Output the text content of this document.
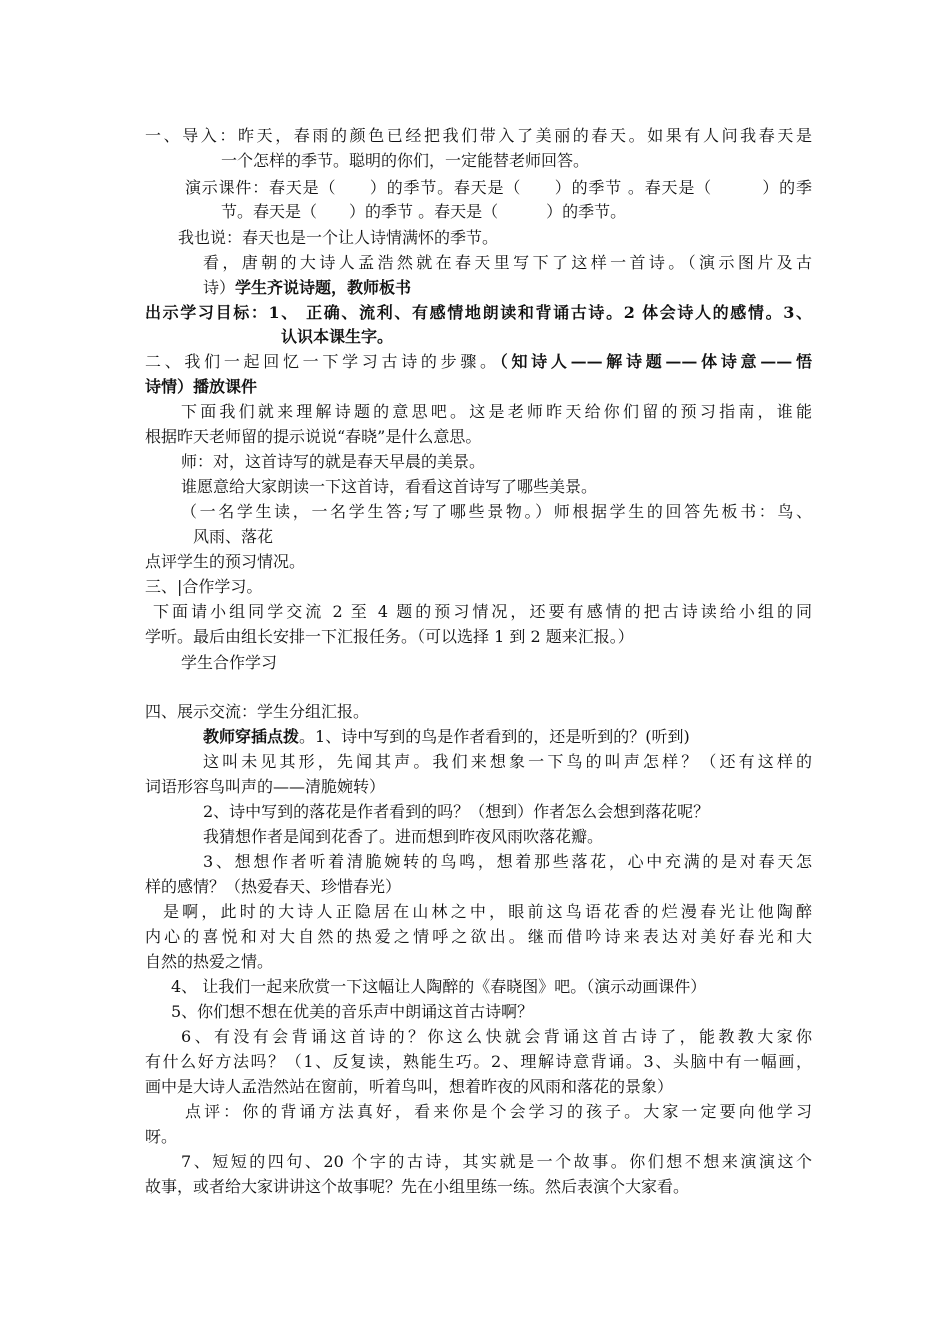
一、导入：昨天，春雨的颜色已经把我们带入了美丽的春天。如果有人问我春天是
一个怎样的季节。聪明的你们，一定能替老师回答。
演示课件：春天是（　　）的季节。春天是（　　）的季节 。春天是（　　　）的季
节。春天是（　　）的季节 。春天是（　　　）的季节。
我也说：春天也是一个让人诗情满怀的季节。
看，唐朝的大诗人孟浩然就在春天里写下了这样一首诗。（演示图片及古
诗）学生齐说诗题，教师板书
出示学习目标：1、 正确、流利、有感情地朗读和背诵古诗。2 体会诗人的感情。3、
认识本课生字。
二、我们一起回忆一下学习古诗的步骤。（知诗人——解诗题——体诗意——悟
诗情）播放课件
下面我们就来理解诗题的意思吧。这是老师昨天给你们留的预习指南，谁能
根据昨天老师留的提示说说“春晓”是什么意思。
师：对，这首诗写的就是春天早晨的美景。
谁愿意给大家朗读一下这首诗，看看这首诗写了哪些美景。
（一名学生读，一名学生答;写了哪些景物。）师根据学生的回答先板书：鸟、
风雨、落花
点评学生的预习情况。
三、|合作学习。
下面请小组同学交流 2 至 4 题的预习情况，还要有感情的把古诗读给小组的同
学听。最后由组长安排一下汇报任务。（可以选择 1 到 2 题来汇报。）
学生合作学习
四、展示交流：学生分组汇报。
教师穿插点拨。1、诗中写到的鸟是作者看到的，还是听到的？(听到)
这叫未见其形，先闻其声。我们来想象一下鸟的叫声怎样？（还有这样的
词语形容鸟叫声的——清脆婉转）
2、诗中写到的落花是作者看到的吗？（想到）作者怎么会想到落花呢？
我猜想作者是闻到花香了。进而想到昨夜风雨吹落花瓣。
3、想想作者听着清脆婉转的鸟鸣，想着那些落花，心中充满的是对春天怎
样的感情？（热爱春天、珍惜春光）
是啊，此时的大诗人正隐居在山林之中，眼前这鸟语花香的烂漫春光让他陶醉
内心的喜悦和对大自然的热爱之情呼之欲出。继而借吟诗来表达对美好春光和大
自然的热爱之情。
4、 让我们一起来欣赏一下这幅让人陶醉的《春晓图》吧。（演示动画课件）
5、你们想不想在优美的音乐声中朗诵这首古诗啊？
6、有没有会背诵这首诗的？你这么快就会背诵这首古诗了，能教教大家你
有什么好方法吗？（1、反复读，熟能生巧。2、理解诗意背诵。3、头脑中有一幅画，
画中是大诗人孟浩然站在窗前，听着鸟叫，想着昨夜的风雨和落花的景象）
点评：你的背诵方法真好，看来你是个会学习的孩子。大家一定要向他学习
呀。
7、短短的四句、20 个字的古诗，其实就是一个故事。你们想不想来演演这个
故事，或者给大家讲讲这个故事呢？先在小组里练一练。然后表演个大家看。
